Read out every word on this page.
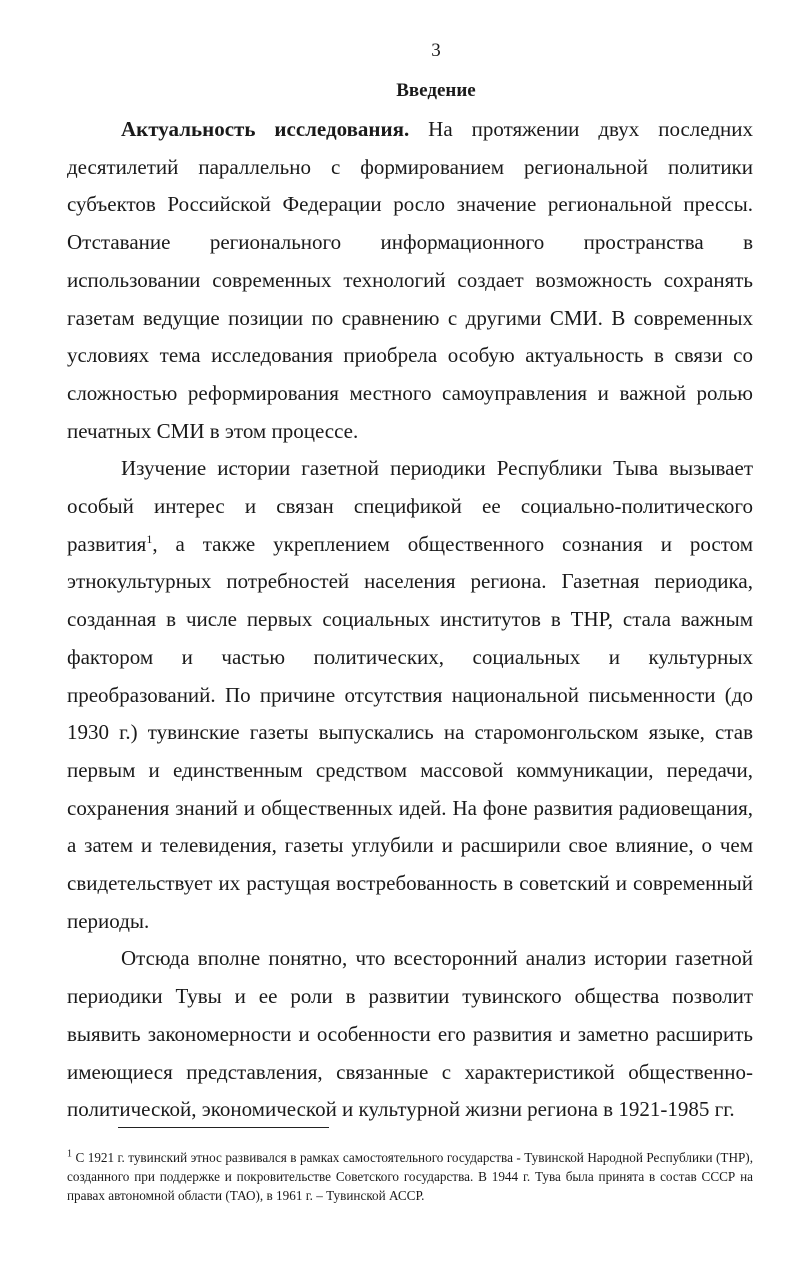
3
Введение

Актуальность исследования. На протяжении двух последних десятилетий параллельно с формированием региональной политики субъектов Российской Федерации росло значение региональной прессы. Отставание регионального информационного пространства в использовании современных технологий создает возможность сохранять газетам ведущие позиции по сравнению с другими СМИ. В современных условиях тема исследования приобрела особую актуальность в связи со сложностью реформирования местного самоуправления и важной ролью печатных СМИ в этом процессе.

Изучение истории газетной периодики Республики Тыва вызывает особый интерес и связан спецификой ее социально-политического развития$^1$, а также укреплением общественного сознания и ростом этнокультурных потребностей населения региона. Газетная периодика, созданная в числе первых социальных институтов в ТНР, стала важным фактором и частью политических, социальных и культурных преобразований. По причине отсутствия национальной письменности (до 1930 г.) тувинские газеты выпускались на старомонгольском языке, став первым и единственным средством массовой коммуникации, передачи, сохранения знаний и общественных идей. На фоне развития радиовещания, а затем и телевидения, газеты углубили и расширили свое влияние, о чем свидетельствует их растущая востребованность в советский и современный периоды.

Отсюда вполне понятно, что всесторонний анализ истории газетной периодики Тувы и ее роли в развитии тувинского общества позволит выявить закономерности и особенности его развития и заметно расширить имеющиеся представления, связанные с характеристикой общественно-политической, экономической и культурной жизни региона в 1921-1985 гг.

$^1$ С 1921 г. тувинский этнос развивался в рамках самостоятельного государства - Тувинской Народной Республики (ТНР), созданного при поддержке и покровительстве Советского государства. В 1944 г. Тува была принята в состав СССР на правах автономной области (ТАО), в 1961 г. – Тувинской АССР.
